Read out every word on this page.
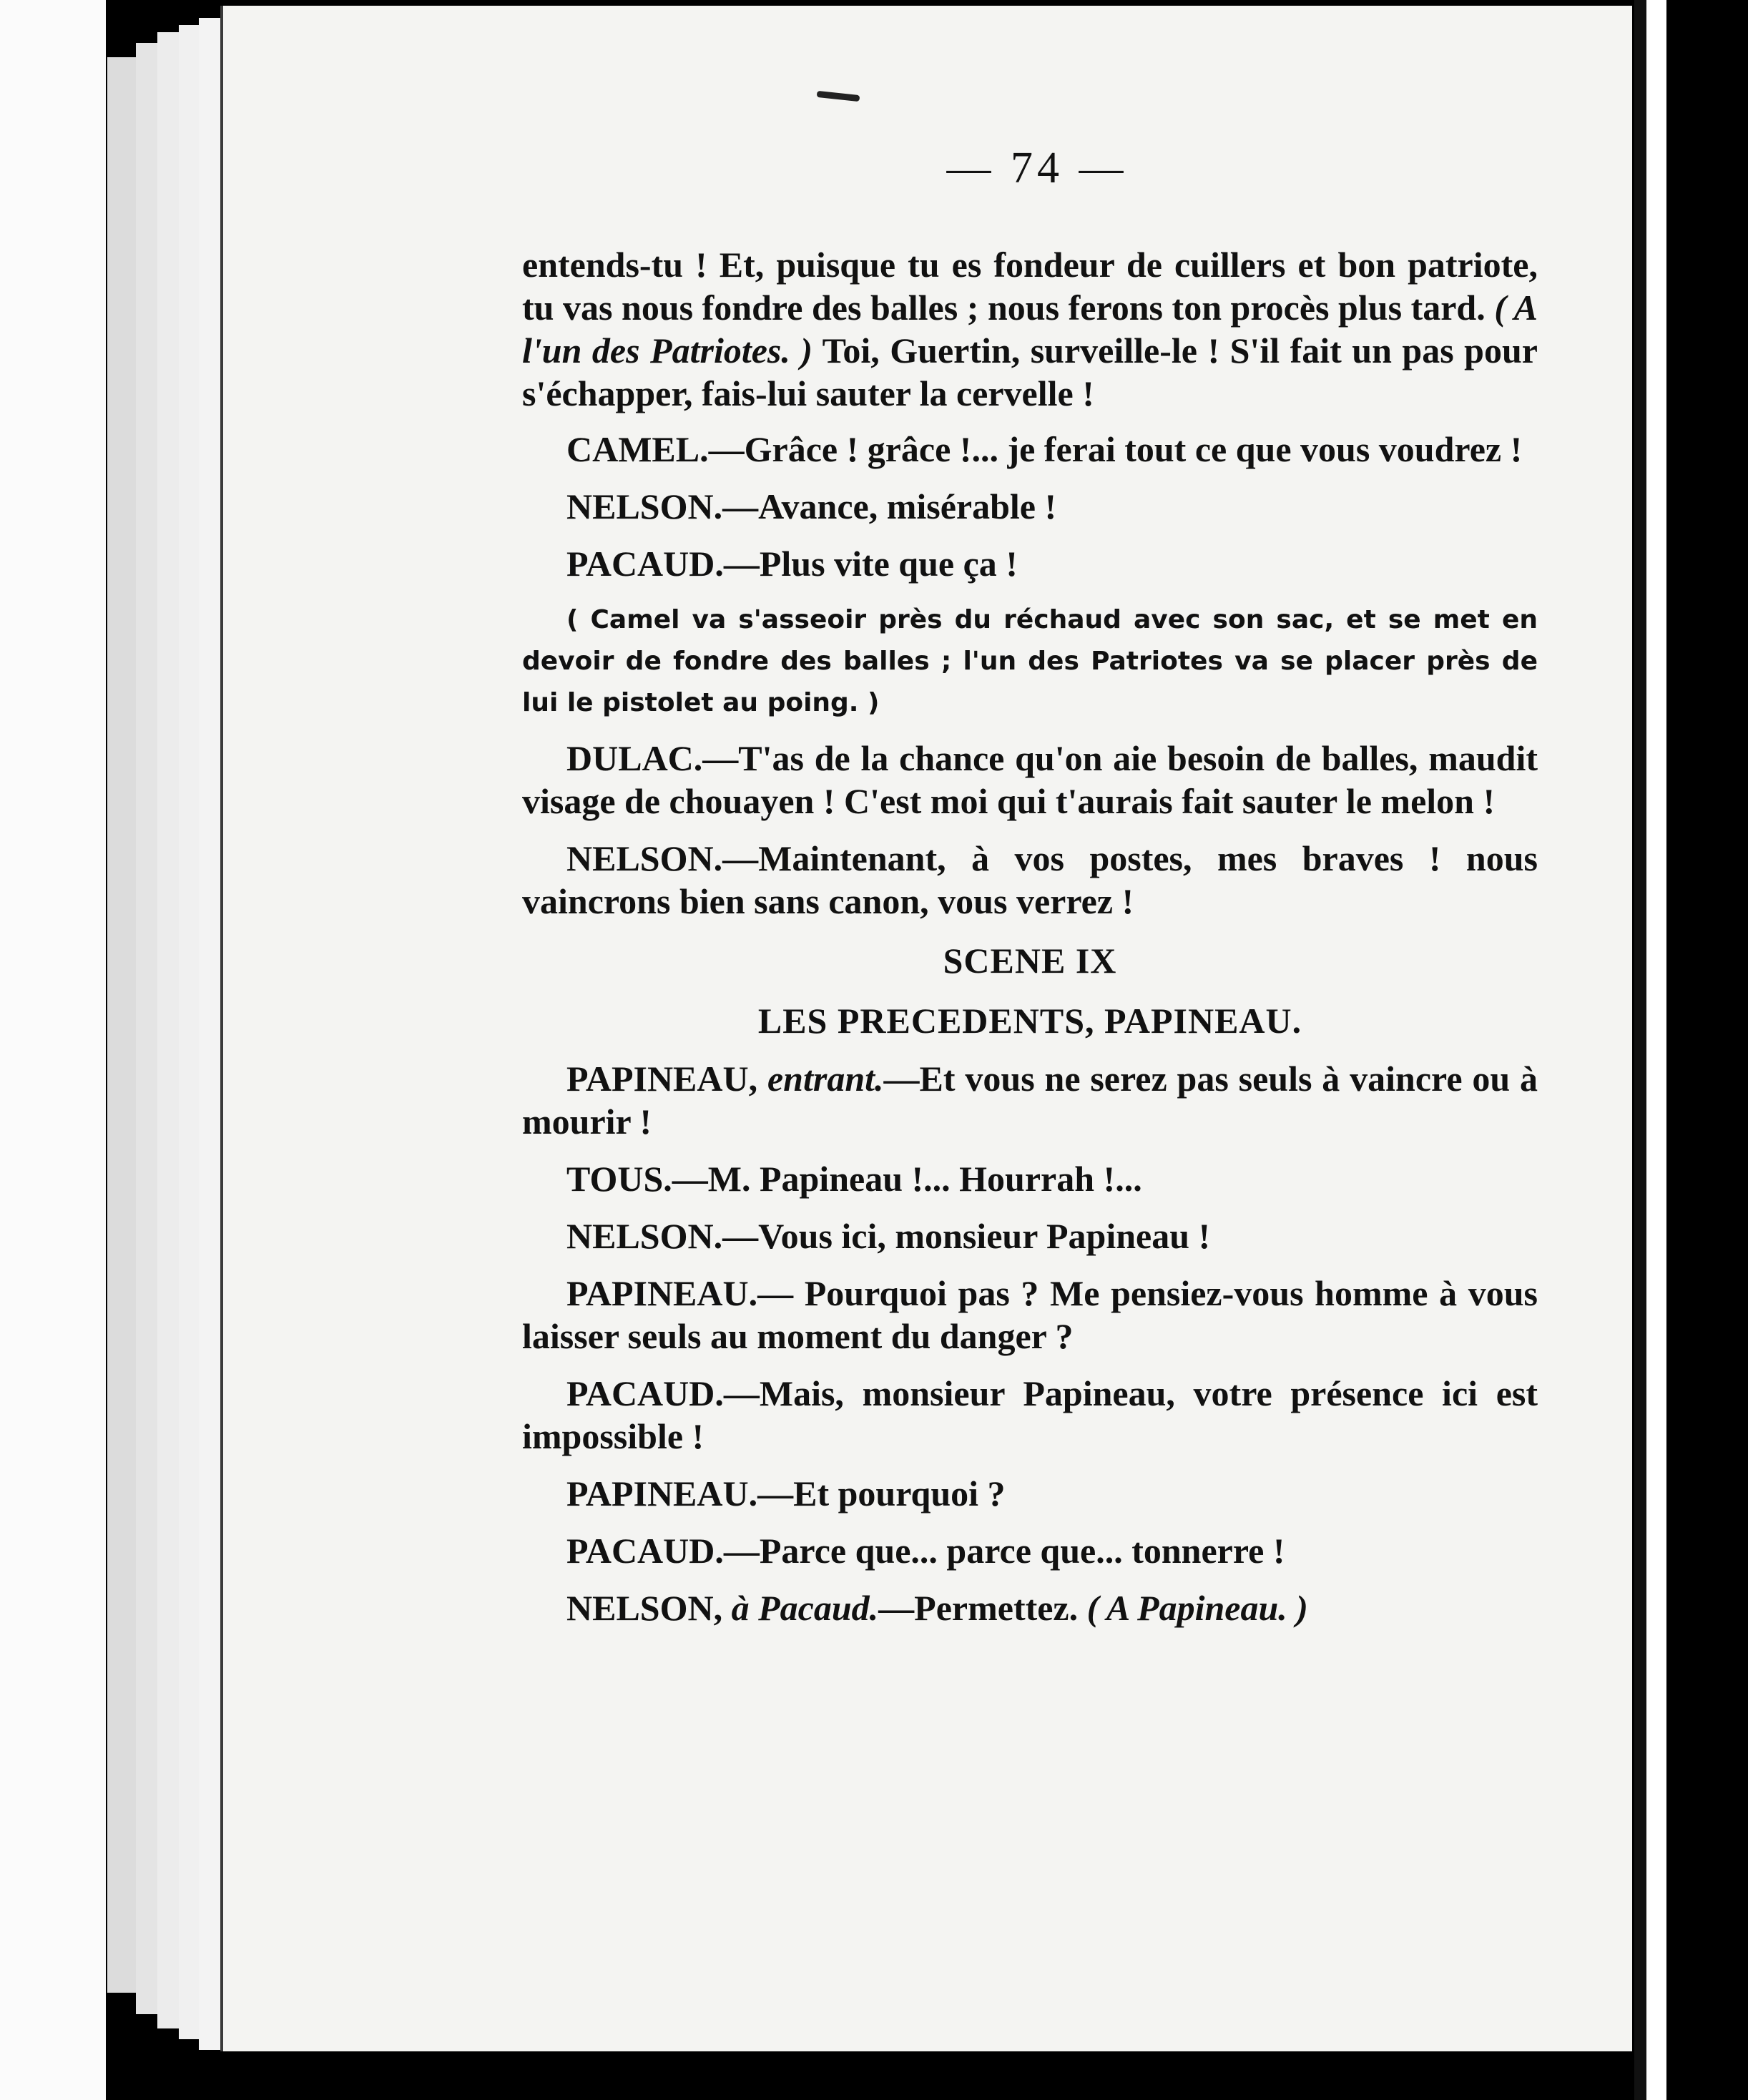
— 74 —

entends-tu ! Et, puisque tu es fondeur de cuillers et bon patriote, tu vas nous fondre des balles ; nous ferons ton procès plus tard. ( A l'un des Patriotes. ) Toi, Guertin, surveille-le ! S'il fait un pas pour s'échapper, fais-lui sauter la cervelle !

CAMEL.—Grâce ! grâce !... je ferai tout ce que vous voudrez !

NELSON.—Avance, misérable !

PACAUD.—Plus vite que ça !

( Camel va s'asseoir près du réchaud avec son sac, et se met en devoir de fondre des balles ; l'un des Patriotes va se placer près de lui le pistolet au poing. )

DULAC.—T'as de la chance qu'on aie besoin de balles, maudit visage de chouayen ! C'est moi qui t'aurais fait sauter le melon !

NELSON.—Maintenant, à vos postes, mes braves ! nous vaincrons bien sans canon, vous verrez !

SCENE IX
LES PRECEDENTS, PAPINEAU.

PAPINEAU, entrant.—Et vous ne serez pas seuls à vaincre ou à mourir !

TOUS.—M. Papineau !... Hourrah !...

NELSON.—Vous ici, monsieur Papineau !

PAPINEAU.— Pourquoi pas ? Me pensiez-vous homme à vous laisser seuls au moment du danger ?

PACAUD.—Mais, monsieur Papineau, votre présence ici est impossible !

PAPINEAU.—Et pourquoi ?

PACAUD.—Parce que... parce que... tonnerre !

NELSON, à Pacaud.—Permettez. ( A Papineau. )
